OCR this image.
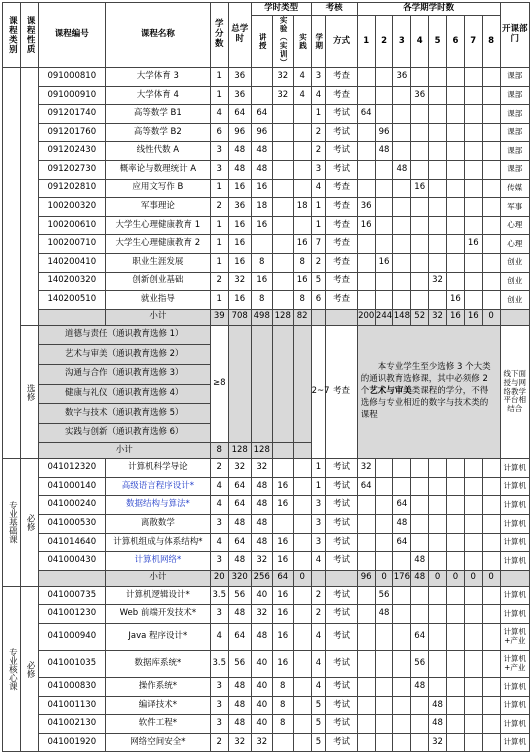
课程类别	课程性质	课程编号	课程名称	学分数	总学时	学时类型			考核		各学期学时数								开课部门
						讲授	实验（实训）	实践	学期	方式	1	2	3	4	5	6	7	8	
		091000810	大学体育 3	1	36		32	4	3	考查			36						课部
		091000910	大学体育 4	1	36		32	4	4	考查				36					课部
		091201740	高等数学 B1	4	64	64			1	考试	64								课部
		091201760	高等数学 B2	6	96	96			2	考试		96							课部
		091202430	线性代数 A	3	48	48			2	考试		48							课部
		091202730	概率论与数理统计 A	3	48	48			3	考试			48						课部
		091202810	应用文写作 B	1	16	16			4	考查				16					传媒
		100200320	军事理论	2	36	18		18	1	考查	36								军事
		100200610	大学生心理健康教育 1	1	16	16			1	考查	16								心理
		100200710	大学生心理健康教育 2	1	16			16	7	考查							16		心理
		140200410	职业生涯发展	1	16	8		8	2	考查		16							创业
		140200320	创新创业基础	2	32	16		16	5	考查					32				创业
		140200510	就业指导	1	16	8		8	6	考查						16			创业
			小计	39	708	498	128	82			200	244	148	52	32	16	16	0	
	选修	道德与责任（通识教育选修 1）		≥8					2~7	考查	本专业学生至少选修 3 个大类的通识教育选修课，其中必须修 2 个艺术与审美类课程的学分，不得选修与专业相近的数字与技术类的课程								线下面授与网络教学平台相结合
		艺术与审美（通识教育选修 2）																	
		沟通与合作（通识教育选修 3）																	
		健康与礼仪（通识教育选修 4）																	
		数字与技术（通识教育选修 5）																	
		实践与创新（通识教育选修 6）																	
		小计		8	128	128													
专业基础课	必修	041012320	计算机科学导论	2	32	32			1	考试	32								计算机
		041000140	高级语言程序设计*	4	64	48	16		1	考试	64								计算机
		041000240	数据结构与算法*	4	64	48	16		3	考试			64						计算机
		041000530	离散数学	3	48	48			3	考试			48						计算机
		041014640	计算机组成与体系结构*	4	64	48	16		3	考试			64						计算机
		041000430	计算机网络*	3	48	32	16		4	考试				48					计算机
			小计	20	320	256	64	0			96	0	176	48	0	0	0	0	
专业核心课	必修	041000735	计算机逻辑设计*	3.5	56	40	16		2	考试		56							计算机
		041001230	Web 前端开发技术*	3	48	32	16		2	考试		48							计算机
		041000940	Java 程序设计*	4	64	48	16		4	考试				64					计算机+产业
		041001035	数据库系统*	3.5	56	40	16		4	考试				56					计算机+产业
		041000830	操作系统*	3	48	40	8		4	考试				48					计算机
		041001130	编译技术*	3	48	40	8		5	考试					48				计算机
		041002130	软件工程*	3	48	40	8		5	考试					48				计算机
		041001920	网络空间安全*	2	32	32			5	考试					32				计算机
